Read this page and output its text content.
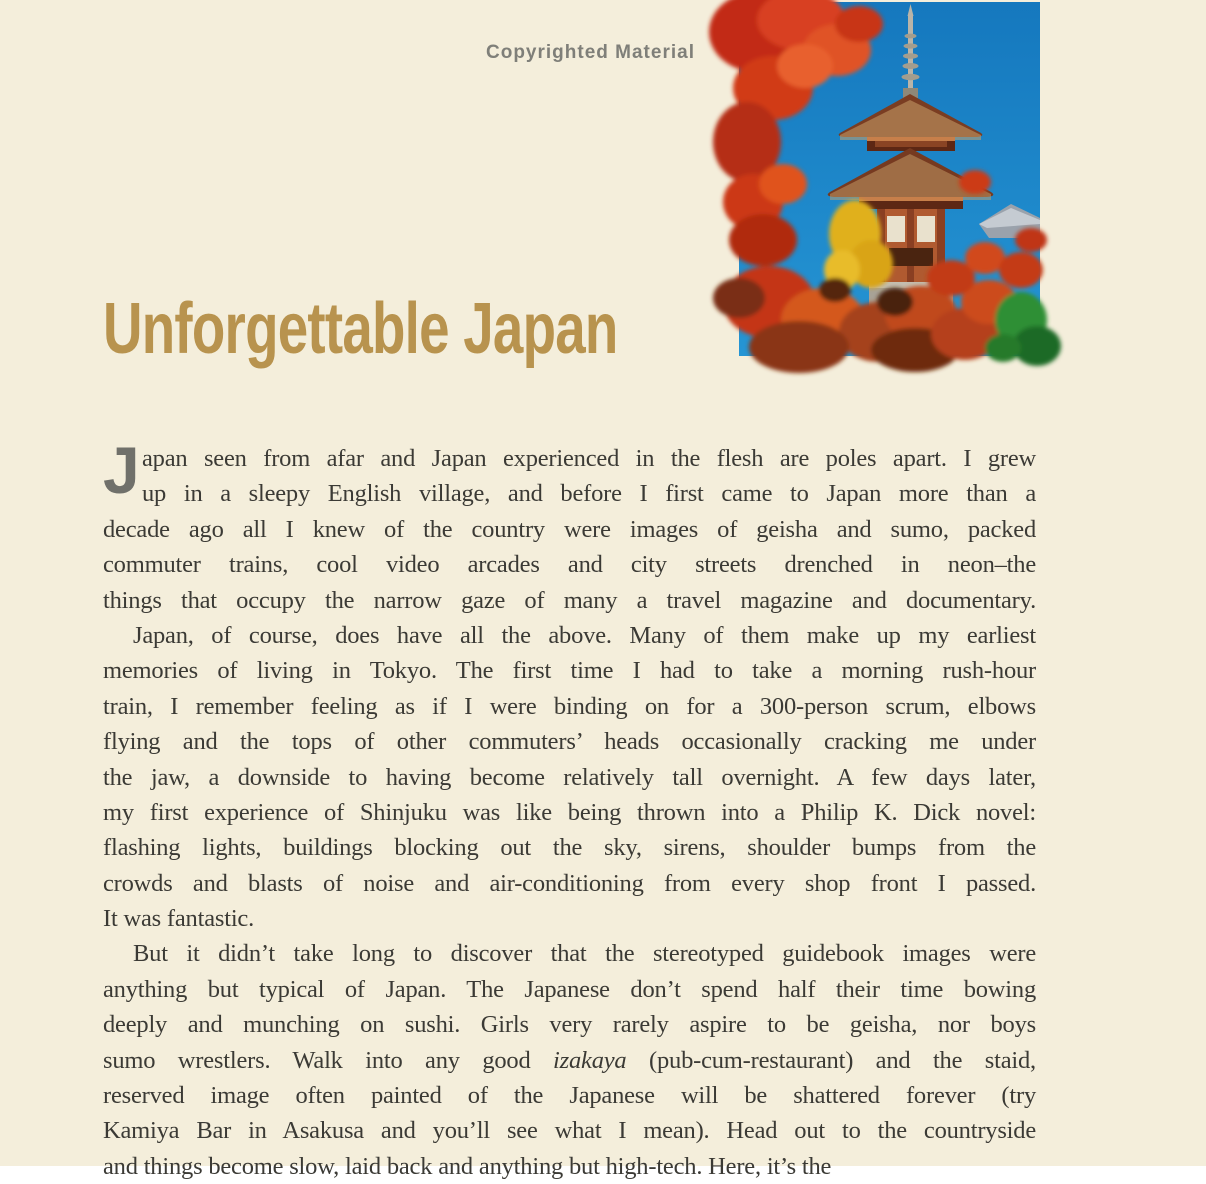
Copyrighted Material
Unforgettable Japan
J apan seen from afar and Japan experienced in the flesh are poles apart. I grew
up in a sleepy English village, and before I first came to Japan more than a
decade ago all I knew of the country were images of geisha and sumo, packed
commuter trains, cool video arcades and city streets drenched in neon–the
things that occupy the narrow gaze of many a travel magazine and documentary.
Japan, of course, does have all the above. Many of them make up my earliest
memories of living in Tokyo. The first time I had to take a morning rush-hour
train, I remember feeling as if I were binding on for a 300-person scrum, elbows
flying and the tops of other commuters’ heads occasionally cracking me under
the jaw, a downside to having become relatively tall overnight. A few days later,
my first experience of Shinjuku was like being thrown into a Philip K. Dick novel:
flashing lights, buildings blocking out the sky, sirens, shoulder bumps from the
crowds and blasts of noise and air-conditioning from every shop front I passed.
It was fantastic.
But it didn’t take long to discover that the stereotyped guidebook images were
anything but typical of Japan. The Japanese don’t spend half their time bowing
deeply and munching on sushi. Girls very rarely aspire to be geisha, nor boys
sumo wrestlers. Walk into any good izakaya (pub-cum-restaurant) and the staid,
reserved image often painted of the Japanese will be shattered forever (try
Kamiya Bar in Asakusa and you’ll see what I mean). Head out to the countryside
and things become slow, laid back and anything but high-tech. Here, it’s the
